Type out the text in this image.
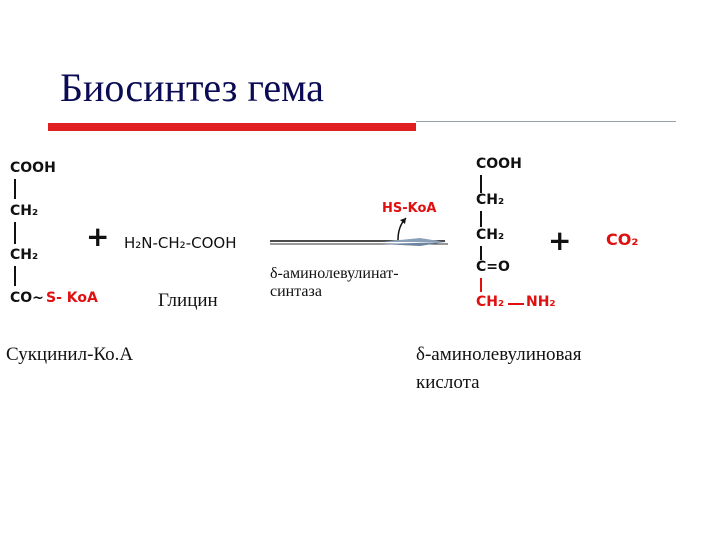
Биосинтез гема
COOH
CH₂
CH₂
CO~ S- KoA
+ H₂N-CH₂-COOH
Глицин
HS-KoA
δ-аминолевулинат-
синтаза
COOH
CH₂
CH₂
C=O
CH₂ NH₂
+ CO₂
Сукцинил-Ко.А	δ-аминолевулиновая
кислота
